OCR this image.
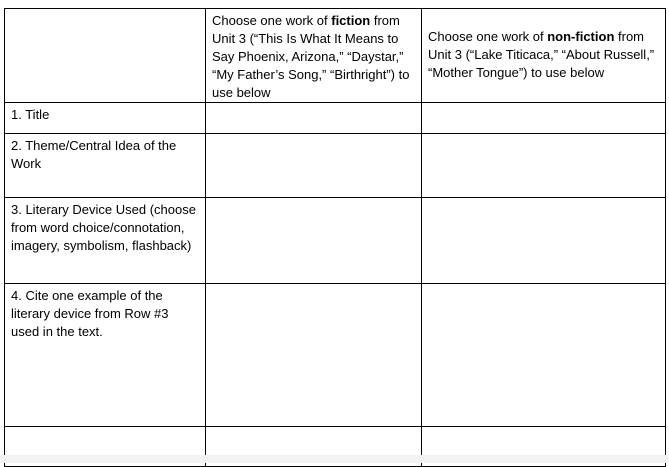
	Choose one work of fiction from Unit 3 (“This Is What It Means to Say Phoenix, Arizona,” “Daystar,” “My Father’s Song,” “Birthright”) to use below	Choose one work of non-fiction from Unit 3 (“Lake Titicaca,” “About Russell,” “Mother Tongue”) to use below
1. Title		
2. Theme/Central Idea of the Work		
3. Literary Device Used (choose from word choice/connotation, imagery, symbolism, flashback)		
4. Cite one example of the literary device from Row #3 used in the text.		
